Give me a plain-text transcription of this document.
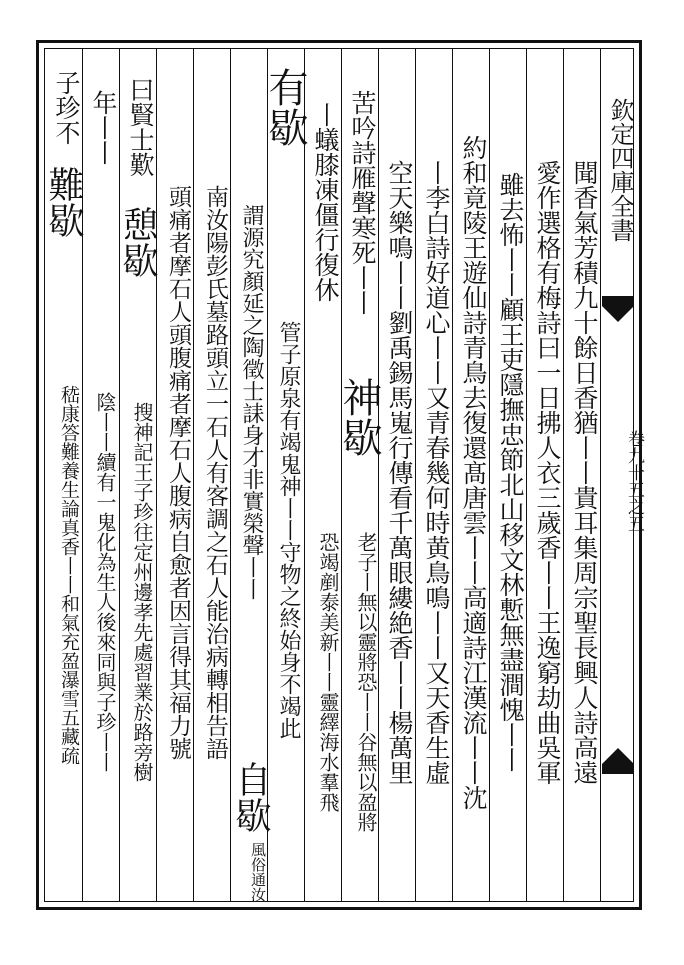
欽定四庫全書
卷九十五之五
聞香氣芳積九十餘日香猶丨丨貴耳集周宗聖長興人詩高遠
愛作選格有梅詩曰一日拂人衣三歲香丨丨王逸窮劫曲吳軍
雖去怖丨丨顧王吏隱撫忠節北山移文林慙無盡澗愧丨丨
約和竟陵王遊仙詩青鳥去復還髙唐雲丨丨高適詩江漢流丨丨沈
丨李白詩好道心丨丨又青春幾何時黄鳥鳴丨丨又天香生虛
空天樂鳴丨丨劉禹錫馬嵬行傳看千萬眼縷絶香丨丨楊萬里
苦吟詩雁聲寒死丨丨
神歇
老子丨無以靈將恐丨丨谷無以盈將
丨蟻膝凍僵行復休
恐竭剷泰美新丨丨靈繹海水羣飛
有歇
管子原泉有竭鬼神丨丨守物之終始身不竭此
謂源究顏延之陶徵士誄身才非實榮聲丨丨
自歇
風俗通汝
南汝陽彭氏墓路頭立一石人有客調之石人能治病轉相告語
頭痛者摩石人頭腹痛者摩石人腹病自愈者因言得其福力號
曰賢士歎
憩歇
搜神記王子珍往定州邊孝先處習業於路旁樹
年丨丨
陰丨丨續有一鬼化為生人後來同與子珍丨丨
子珍不
難歇
嵇康答難養生論真香丨丨和氣充盈瀑雪五藏疏
